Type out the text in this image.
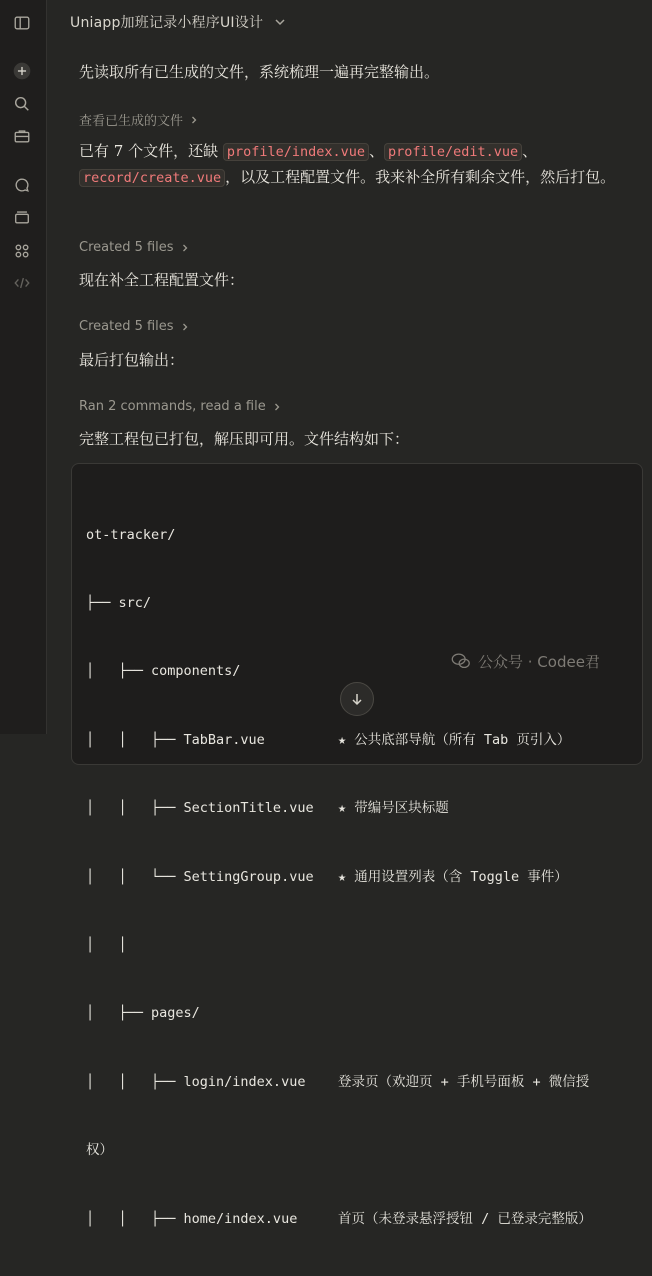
Uniapp加班记录小程序UI设计
先读取所有已生成的文件，系统梳理一遍再完整输出。
查看已生成的文件
已有 7 个文件，还缺 profile/index.vue 、 profile/edit.vue 、record/create.vue ，以及工程配置文件。我来补全所有剩余文件，然后打包。
Created 5 files
现在补全工程配置文件：
Created 5 files
最后打包输出：
Ran 2 commands, read a file
完整工程包已打包，解压即可用。文件结构如下：

ot-tracker/

├── src/

│   ├── components/

│   │   ├── TabBar.vue         ★ 公共底部导航（所有 Tab 页引入）

│   │   ├── SectionTitle.vue   ★ 带编号区块标题

│   │   └── SettingGroup.vue   ★ 通用设置列表（含 Toggle 事件）

│   │

│   ├── pages/

│   │   ├── login/index.vue    登录页（欢迎页 + 手机号面板 + 微信授

权）

│   │   ├── home/index.vue     首页（未登录悬浮授钮 / 已登录完整版）

公众号 · Codee君
